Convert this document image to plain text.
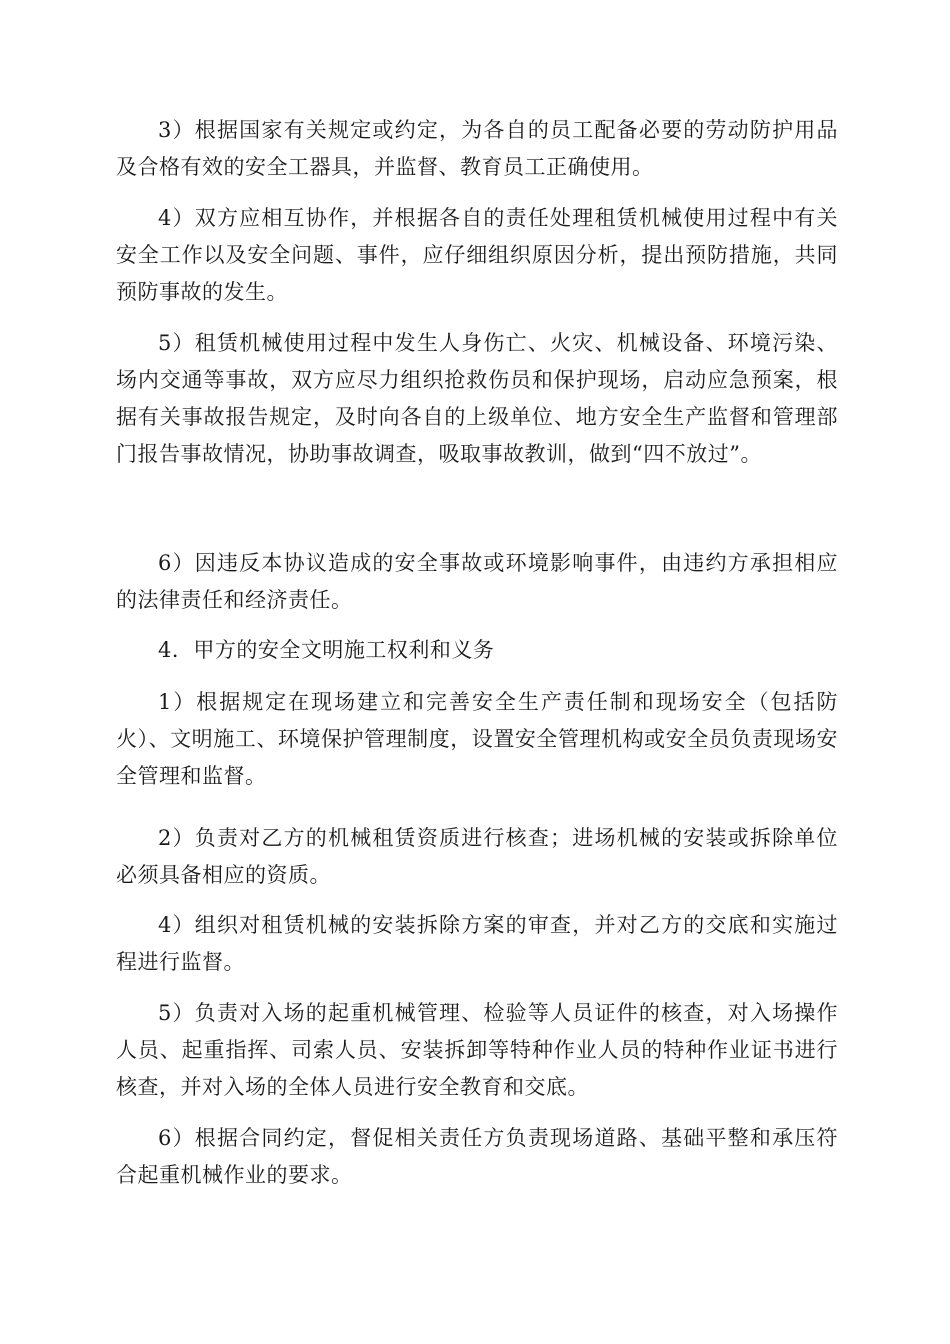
3）根据国家有关规定或约定，为各自的员工配备必要的劳动防护用品及合格有效的安全工器具，并监督、教育员工正确使用。

4）双方应相互协作，并根据各自的责任处理租赁机械使用过程中有关安全工作以及安全问题、事件，应仔细组织原因分析，提出预防措施，共同预防事故的发生。

5）租赁机械使用过程中发生人身伤亡、火灾、机械设备、环境污染、场内交通等事故，双方应尽力组织抢救伤员和保护现场，启动应急预案，根据有关事故报告规定，及时向各自的上级单位、地方安全生产监督和管理部门报告事故情况，协助事故调查，吸取事故教训，做到“四不放过”。

6）因违反本协议造成的安全事故或环境影响事件，由违约方承担相应的法律责任和经济责任。

4．甲方的安全文明施工权利和义务

1）根据规定在现场建立和完善安全生产责任制和现场安全（包括防火）、文明施工、环境保护管理制度，设置安全管理机构或安全员负责现场安全管理和监督。

2）负责对乙方的机械租赁资质进行核查；进场机械的安装或拆除单位必须具备相应的资质。

4）组织对租赁机械的安装拆除方案的审查，并对乙方的交底和实施过程进行监督。

5）负责对入场的起重机械管理、检验等人员证件的核查，对入场操作人员、起重指挥、司索人员、安装拆卸等特种作业人员的特种作业证书进行核查，并对入场的全体人员进行安全教育和交底。

6）根据合同约定，督促相关责任方负责现场道路、基础平整和承压符合起重机械作业的要求。
